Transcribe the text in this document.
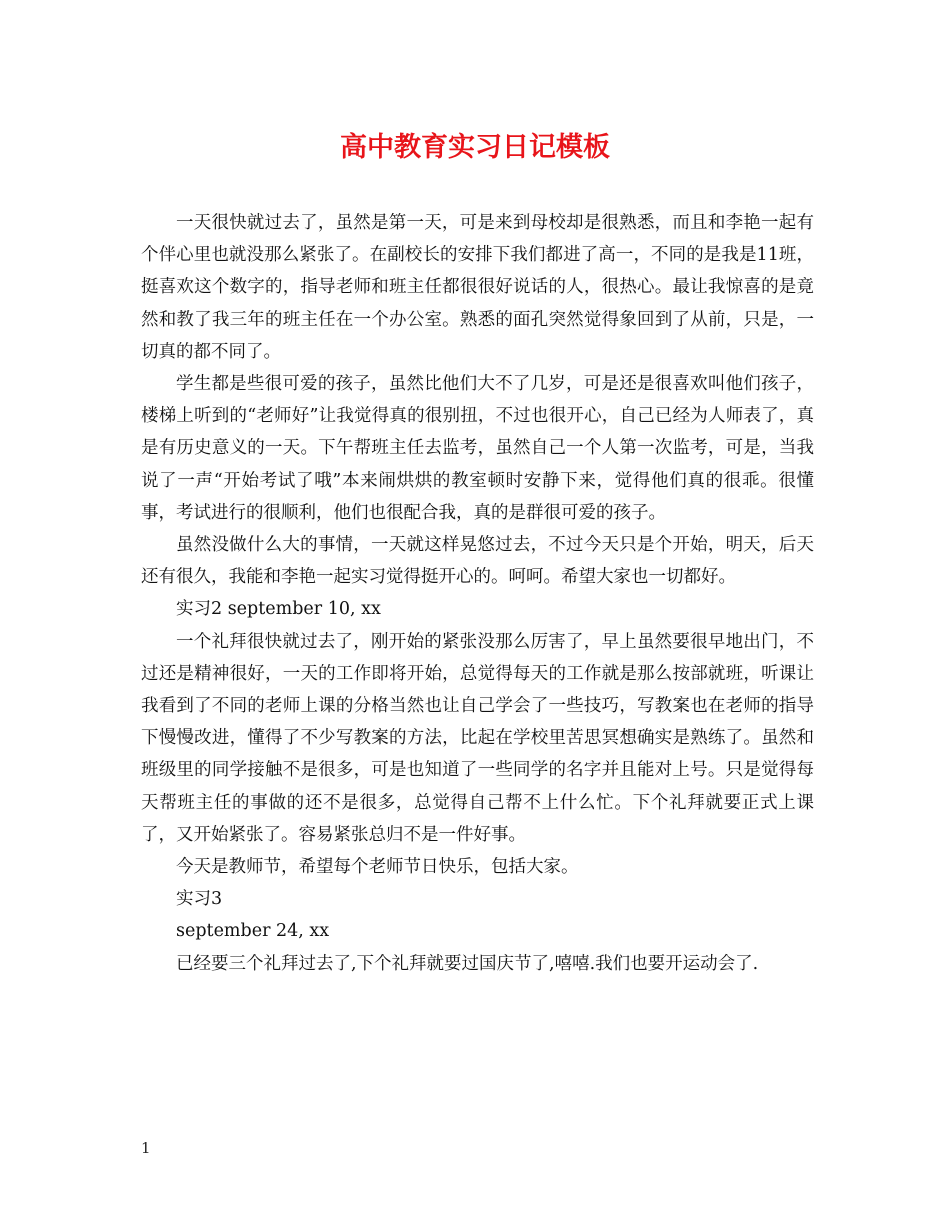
高中教育实习日记模板

一天很快就过去了，虽然是第一天，可是来到母校却是很熟悉，而且和李艳一起有个伴心里也就没那么紧张了。在副校长的安排下我们都进了高一，不同的是我是11班，挺喜欢这个数字的，指导老师和班主任都很很好说话的人，很热心。最让我惊喜的是竟然和教了我三年的班主任在一个办公室。熟悉的面孔突然觉得象回到了从前，只是，一切真的都不同了。

学生都是些很可爱的孩子，虽然比他们大不了几岁，可是还是很喜欢叫他们孩子，楼梯上听到的“老师好”让我觉得真的很别扭，不过也很开心，自己已经为人师表了，真是有历史意义的一天。下午帮班主任去监考，虽然自己一个人第一次监考，可是，当我说了一声“开始考试了哦”本来闹烘烘的教室顿时安静下来，觉得他们真的很乖。很懂事，考试进行的很顺利，他们也很配合我，真的是群很可爱的孩子。

虽然没做什么大的事情，一天就这样晃悠过去，不过今天只是个开始，明天，后天还有很久，我能和李艳一起实习觉得挺开心的。呵呵。希望大家也一切都好。

实习2 september 10, xx

一个礼拜很快就过去了，刚开始的紧张没那么厉害了，早上虽然要很早地出门，不过还是精神很好，一天的工作即将开始，总觉得每天的工作就是那么按部就班，听课让我看到了不同的老师上课的分格当然也让自己学会了一些技巧，写教案也在老师的指导下慢慢改进，懂得了不少写教案的方法，比起在学校里苦思冥想确实是熟练了。虽然和班级里的同学接触不是很多，可是也知道了一些同学的名字并且能对上号。只是觉得每天帮班主任的事做的还不是很多，总觉得自己帮不上什么忙。下个礼拜就要正式上课了，又开始紧张了。容易紧张总归不是一件好事。

今天是教师节，希望每个老师节日快乐，包括大家。

实习3

september 24, xx

已经要三个礼拜过去了,下个礼拜就要过国庆节了,嘻嘻.我们也要开运动会了.

1
